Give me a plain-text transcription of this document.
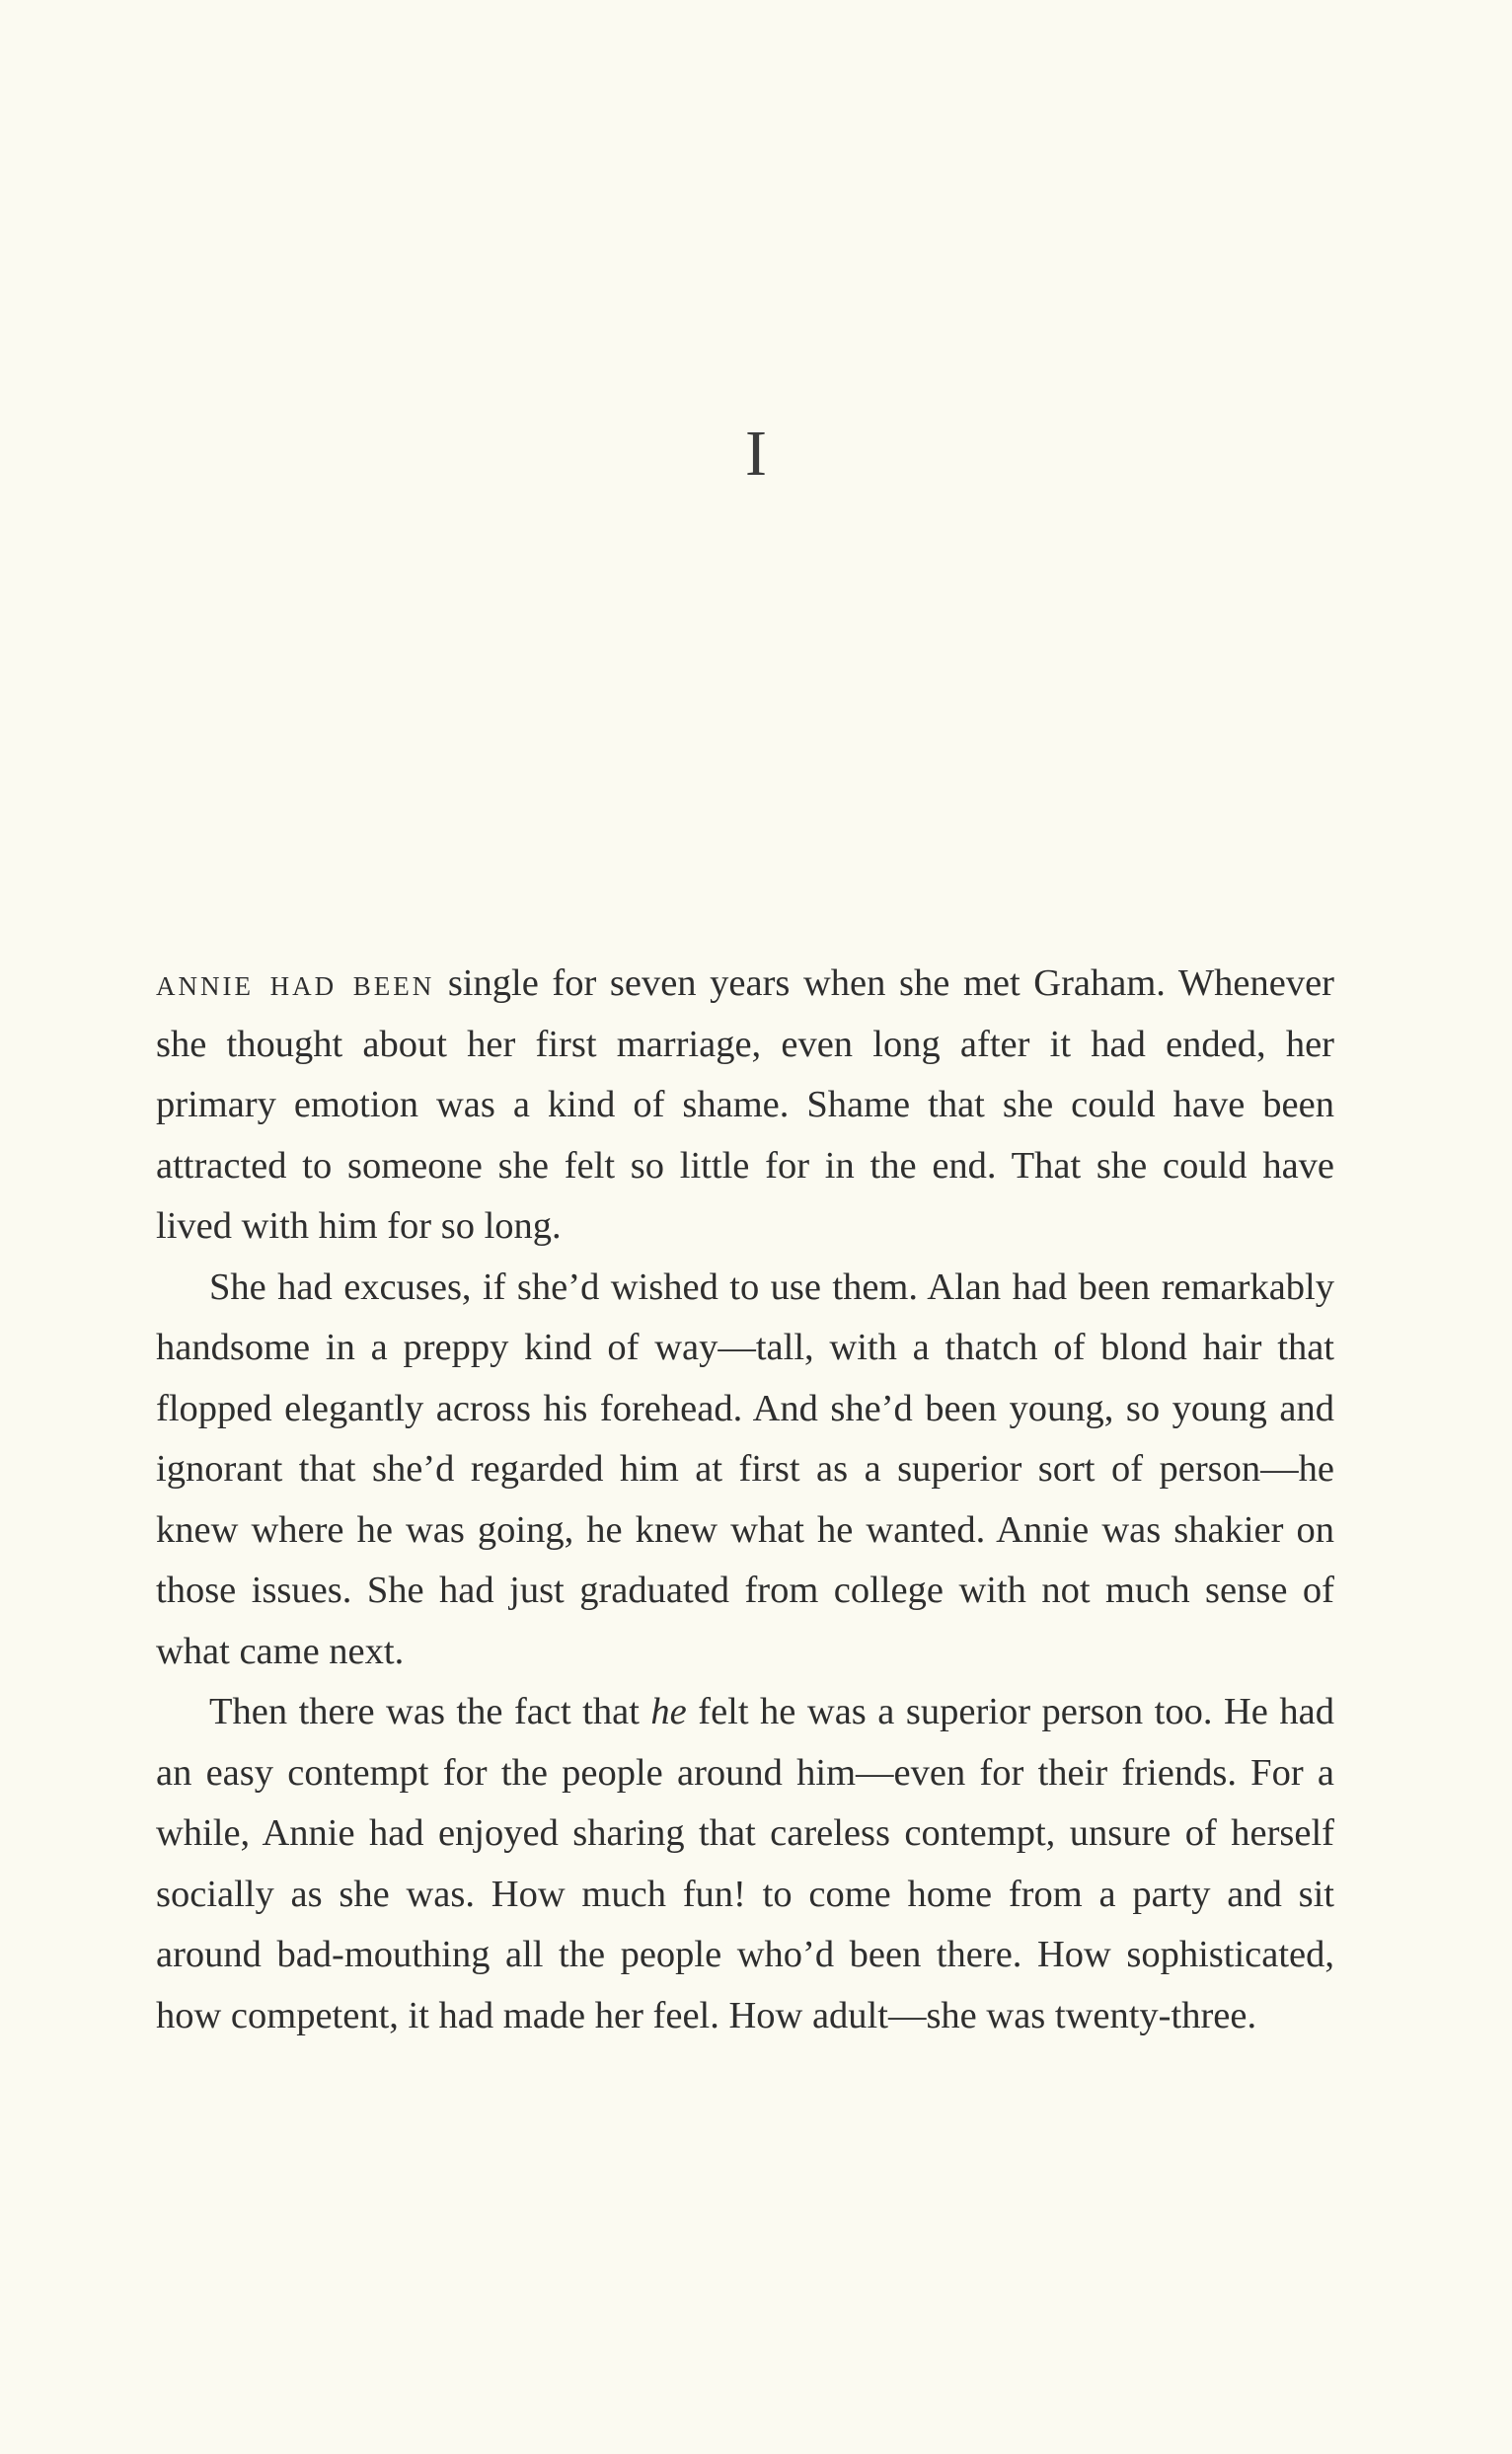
I

annie had been single for seven years when she met Graham. Whenever she thought about her first marriage, even long after it had ended, her primary emotion was a kind of shame. Shame that she could have been attracted to someone she felt so little for in the end. That she could have lived with him for so long.

She had excuses, if she’d wished to use them. Alan had been remarkably handsome in a preppy kind of way—tall, with a thatch of blond hair that flopped elegantly across his forehead. And she’d been young, so young and ignorant that she’d regarded him at first as a superior sort of person—he knew where he was going, he knew what he wanted. Annie was shakier on those issues. She had just graduated from college with not much sense of what came next.

Then there was the fact that he felt he was a superior person too. He had an easy contempt for the people around him—even for their friends. For a while, Annie had enjoyed sharing that careless contempt, unsure of herself socially as she was. How much fun! to come home from a party and sit around bad-mouthing all the people who’d been there. How sophisticated, how competent, it had made her feel. How adult—she was twenty-three.
